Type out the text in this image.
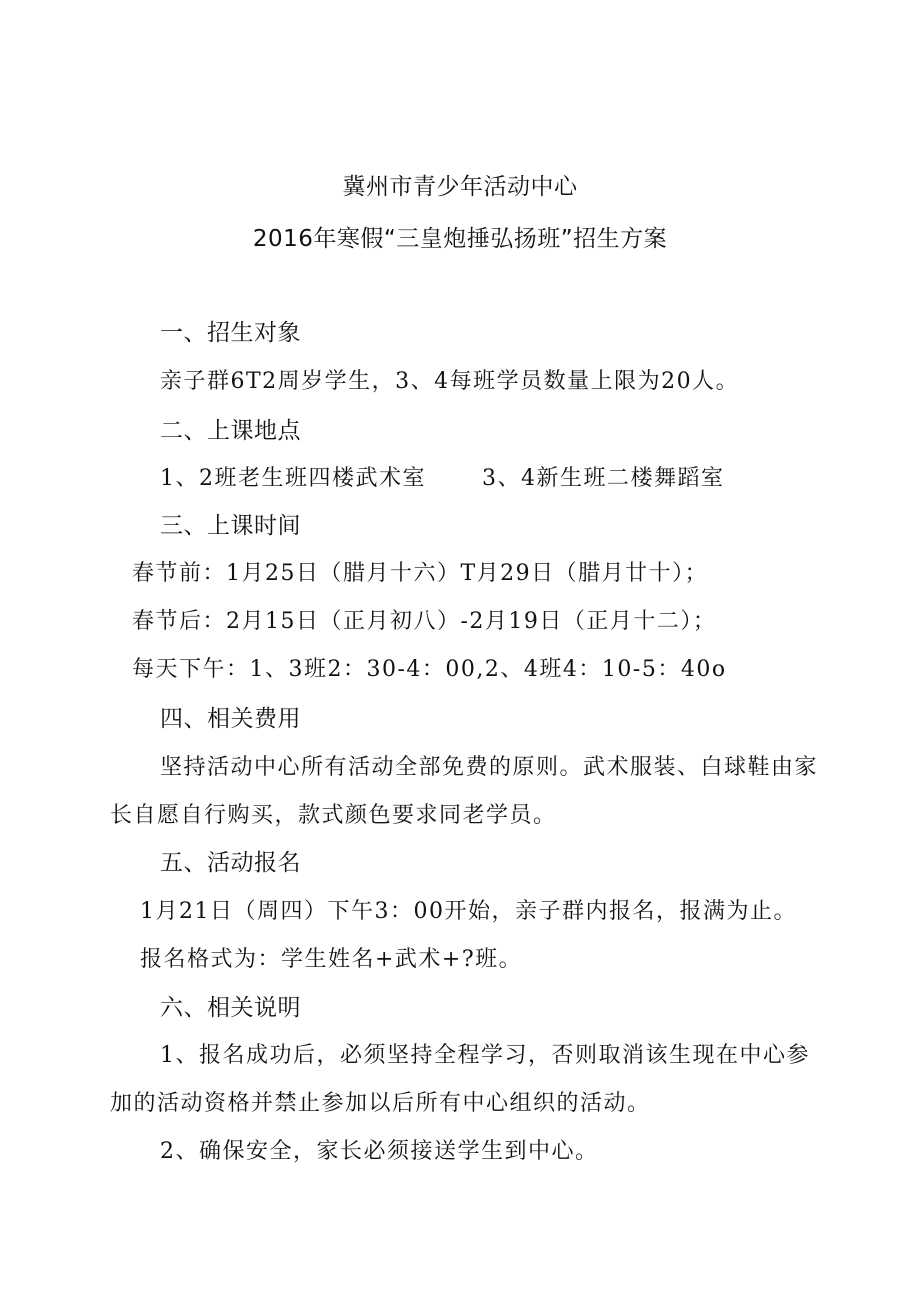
冀州市青少年活动中心
2016年寒假“三皇炮捶弘扬班”招生方案
一、招生对象
亲子群6T2周岁学生，3、4每班学员数量上限为20人。
二、上课地点
1、2班老生班四楼武术室	3、4新生班二楼舞蹈室
三、上课时间
春节前：1月25日（腊月十六）T月29日（腊月廿十）；
春节后：2月15日（正月初八）-2月19日（正月十二）；
每天下午：1、3班2：30-4：00,2、4班4：10-5：40o
四、相关费用
坚持活动中心所有活动全部免费的原则。武术服装、白球鞋由家
长自愿自行购买，款式颜色要求同老学员。
五、活动报名
1月21日（周四）下午3：00开始，亲子群内报名，报满为止。
报名格式为：学生姓名+武术+?班。
六、相关说明
1、报名成功后，必须坚持全程学习，否则取消该生现在中心参
加的活动资格并禁止参加以后所有中心组织的活动。
2、确保安全，家长必须接送学生到中心。
